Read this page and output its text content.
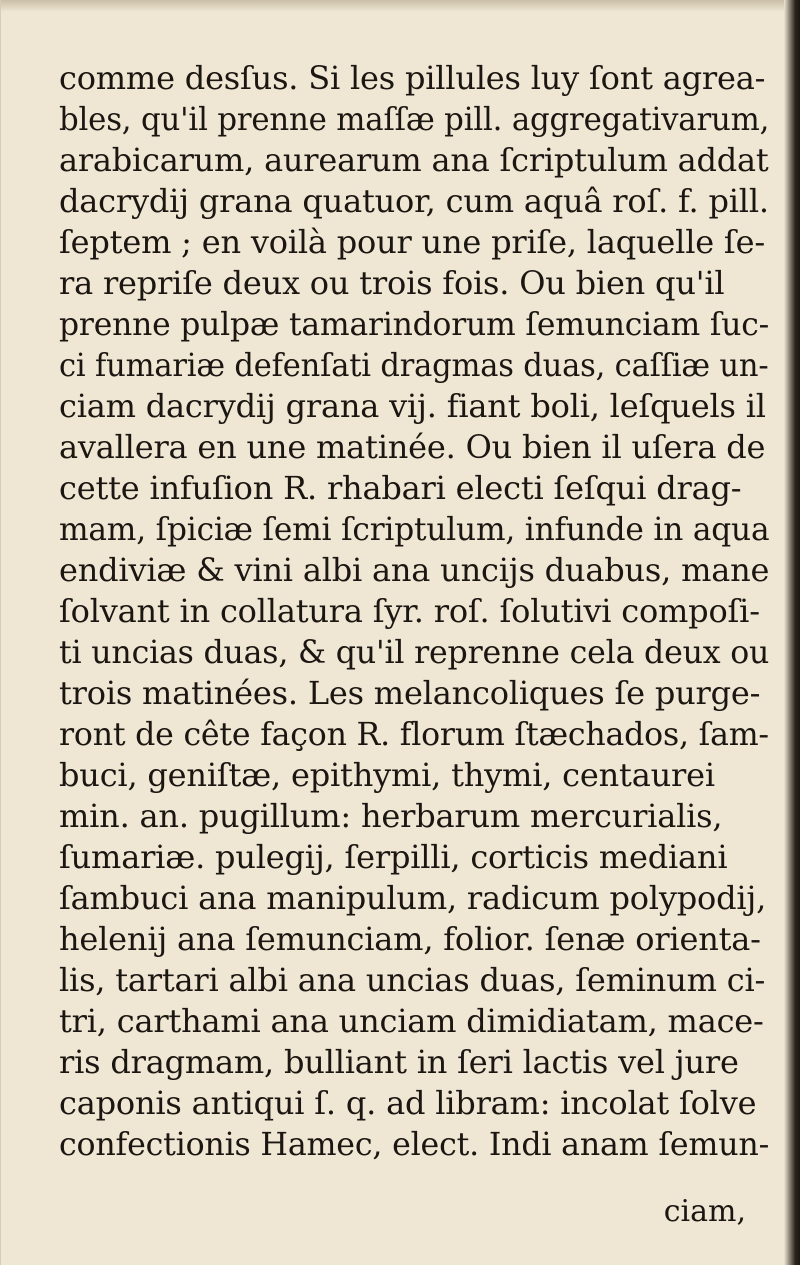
comme desſus. Si les pillules luy ſont agrea-
bles, qu'il prenne maſſæ pill. aggregativarum,
arabicarum, aurearum ana ſcriptulum addat
dacrydij grana quatuor, cum aquâ roſ. f. pill.
ſeptem ; en voilà pour une priſe, laquelle ſe-
ra repriſe deux ou trois fois. Ou bien qu'il
prenne pulpæ tamarindorum ſemunciam ſuc-
ci fumariæ defenſati dragmas duas, caſſiæ un-
ciam dacrydij grana vij. fiant boli, leſquels il
avallera en une matinée. Ou bien il uſera de
cette infuſion R. rhabari electi ſeſqui drag-
mam, ſpiciæ ſemi ſcriptulum, infunde in aqua
endiviæ & vini albi ana uncijs duabus, mane
ſolvant in collatura ſyr. roſ. ſolutivi compoſi-
ti uncias duas, & qu'il reprenne cela deux ou
trois matinées. Les melancoliques ſe purge-
ront de cête façon R. florum ſtæchados, ſam-
buci, geniſtæ, epithymi, thymi, centaurei
min. an. pugillum: herbarum mercurialis,
ſumariæ. pulegij, ſerpilli, corticis mediani
ſambuci ana manipulum, radicum polypodij,
helenij ana ſemunciam, folior. ſenæ orienta-
lis, tartari albi ana uncias duas, ſeminum ci-
tri, carthami ana unciam dimidiatam, mace-
ris dragmam, bulliant in ſeri lactis vel jure
caponis antiqui ſ. q. ad libram: incolat ſolve
confectionis Hamec, elect. Indi anam ſemun-
ciam,
